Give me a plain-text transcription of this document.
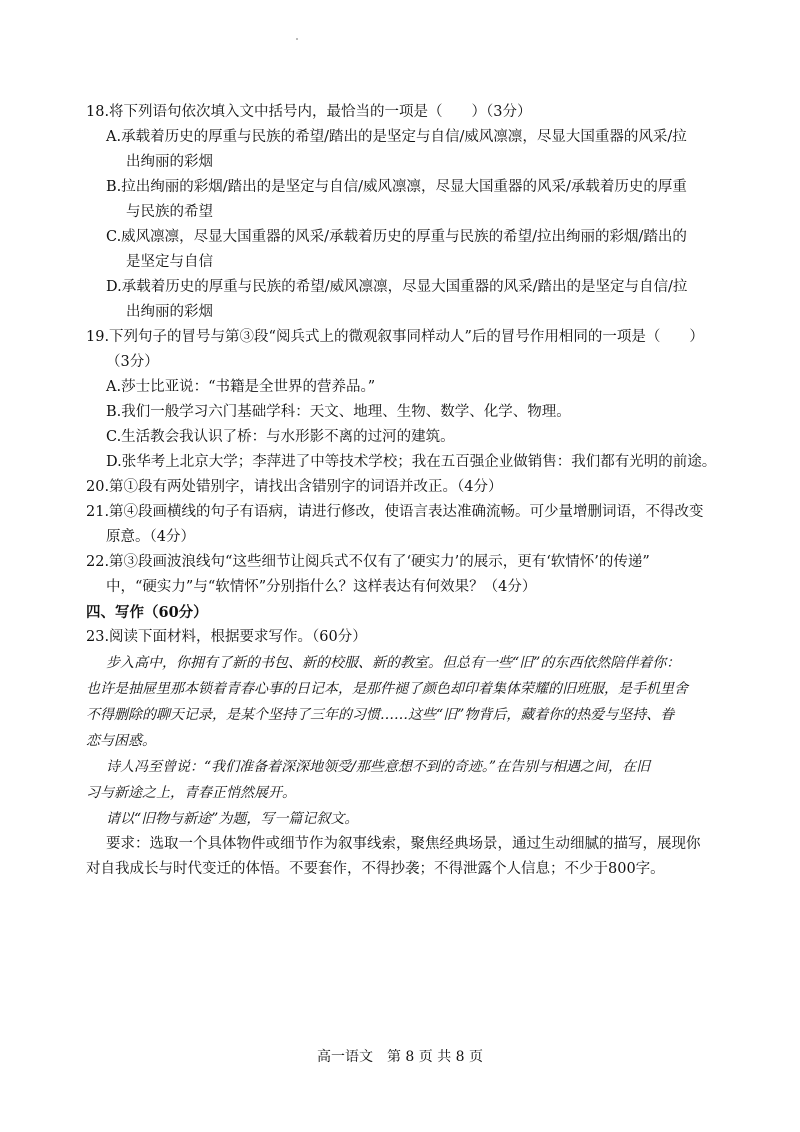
18.将下列语句依次填入文中括号内，最恰当的一项是（　　）（3分）
A.承载着历史的厚重与民族的希望/踏出的是坚定与自信/威风凛凛，尽显大国重器的风采/拉
出绚丽的彩烟
B.拉出绚丽的彩烟/踏出的是坚定与自信/威风凛凛，尽显大国重器的风采/承载着历史的厚重
与民族的希望
C.威风凛凛，尽显大国重器的风采/承载着历史的厚重与民族的希望/拉出绚丽的彩烟/踏出的
是坚定与自信
D.承载着历史的厚重与民族的希望/威风凛凛，尽显大国重器的风采/踏出的是坚定与自信/拉
出绚丽的彩烟
19.下列句子的冒号与第③段“阅兵式上的微观叙事同样动人”后的冒号作用相同的一项是（　　）
（3分）
A.莎士比亚说：“书籍是全世界的营养品。”
B.我们一般学习六门基础学科：天文、地理、生物、数学、化学、物理。
C.生活教会我认识了桥：与水形影不离的过河的建筑。
D.张华考上北京大学；李萍进了中等技术学校；我在五百强企业做销售：我们都有光明的前途。
20.第①段有两处错别字，请找出含错别字的词语并改正。（4分）
21.第④段画横线的句子有语病，请进行修改，使语言表达准确流畅。可少量增删词语，不得改变
原意。（4分）
22.第③段画波浪线句“这些细节让阅兵式不仅有了‘硬实力’的展示，更有‘软情怀’的传递”
中，“硬实力”与“软情怀”分别指什么？这样表达有何效果？（4分）
四、写作（60分）
23.阅读下面材料，根据要求写作。（60分）
步入高中，你拥有了新的书包、新的校服、新的教室。但总有一些“旧”的东西依然陪伴着你：
也许是抽屉里那本锁着青春心事的日记本，是那件褪了颜色却印着集体荣耀的旧班服，是手机里舍
不得删除的聊天记录，是某个坚持了三年的习惯……这些“旧”物背后，藏着你的热爱与坚持、眷
恋与困惑。
诗人冯至曾说：“我们准备着深深地领受/那些意想不到的奇迹。”在告别与相遇之间，在旧
习与新途之上，青春正悄然展开。
请以“旧物与新途”为题，写一篇记叙文。
要求：选取一个具体物件或细节作为叙事线索，聚焦经典场景，通过生动细腻的描写，展现你
对自我成长与时代变迁的体悟。不要套作，不得抄袭；不得泄露个人信息；不少于800字。
高一语文　第 8 页 共 8 页
